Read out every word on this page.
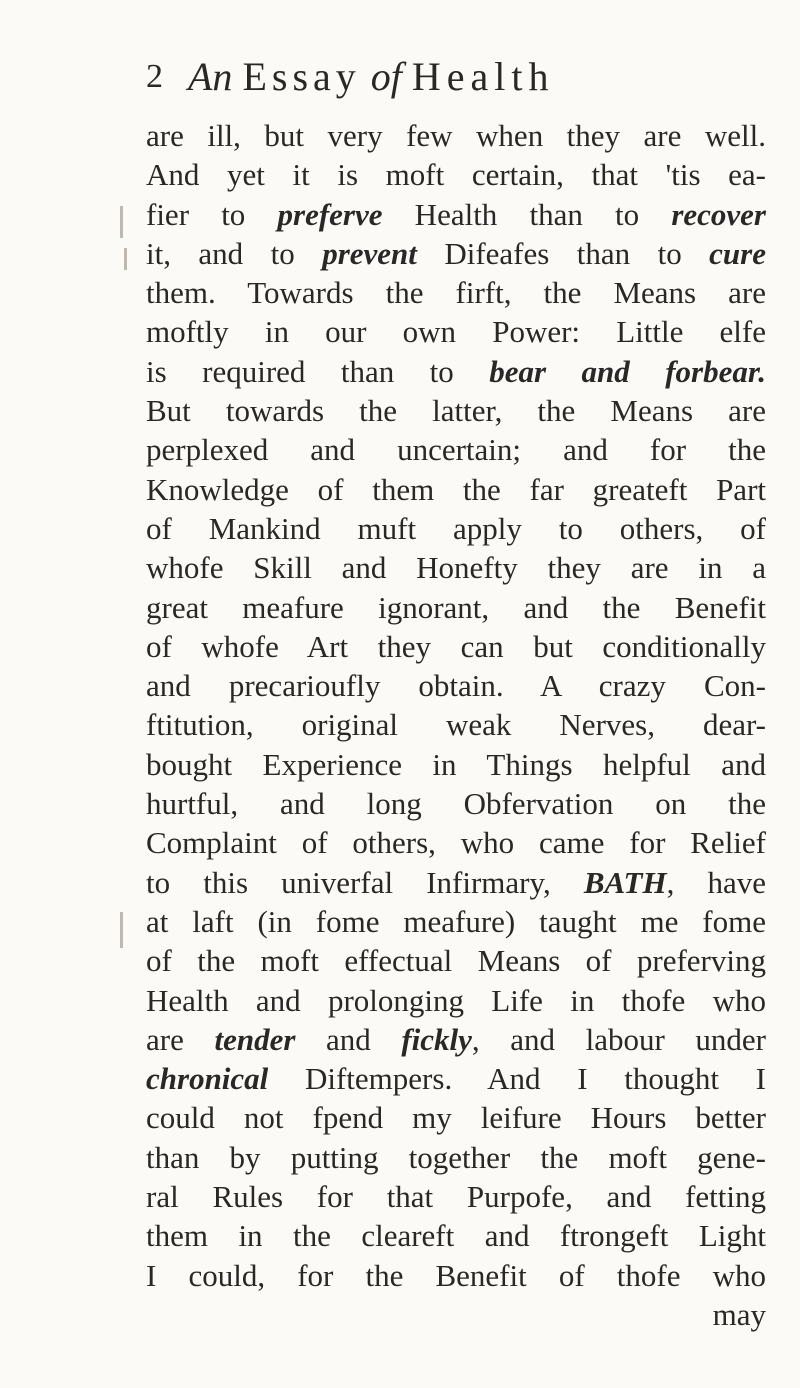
2 An Essay of Health
are ill, but very few when they are well.
And yet it is moft certain, that 'tis ea-
fier to preferve Health than to recover
it, and to prevent Difeafes than to cure
them. Towards the firft, the Means are
moftly in our own Power: Little elfe
is required than to bear and forbear.
But towards the latter, the Means are
perplexed and uncertain; and for the
Knowledge of them the far greateft Part
of Mankind muft apply to others, of
whofe Skill and Honefty they are in a
great meafure ignorant, and the Benefit
of whofe Art they can but conditionally
and precarioufly obtain. A crazy Con-
ftitution, original weak Nerves, dear-
bought Experience in Things helpful and
hurtful, and long Obfervation on the
Complaint of others, who came for Relief
to this univerfal Infirmary, BATH, have
at laft (in fome meafure) taught me fome
of the moft effectual Means of preferving
Health and prolonging Life in thofe who
are tender and fickly, and labour under
chronical Diftempers. And I thought I
could not fpend my leifure Hours better
than by putting together the moft gene-
ral Rules for that Purpofe, and fetting
them in the cleareft and ftrongeft Light
I could, for the Benefit of thofe who
may
